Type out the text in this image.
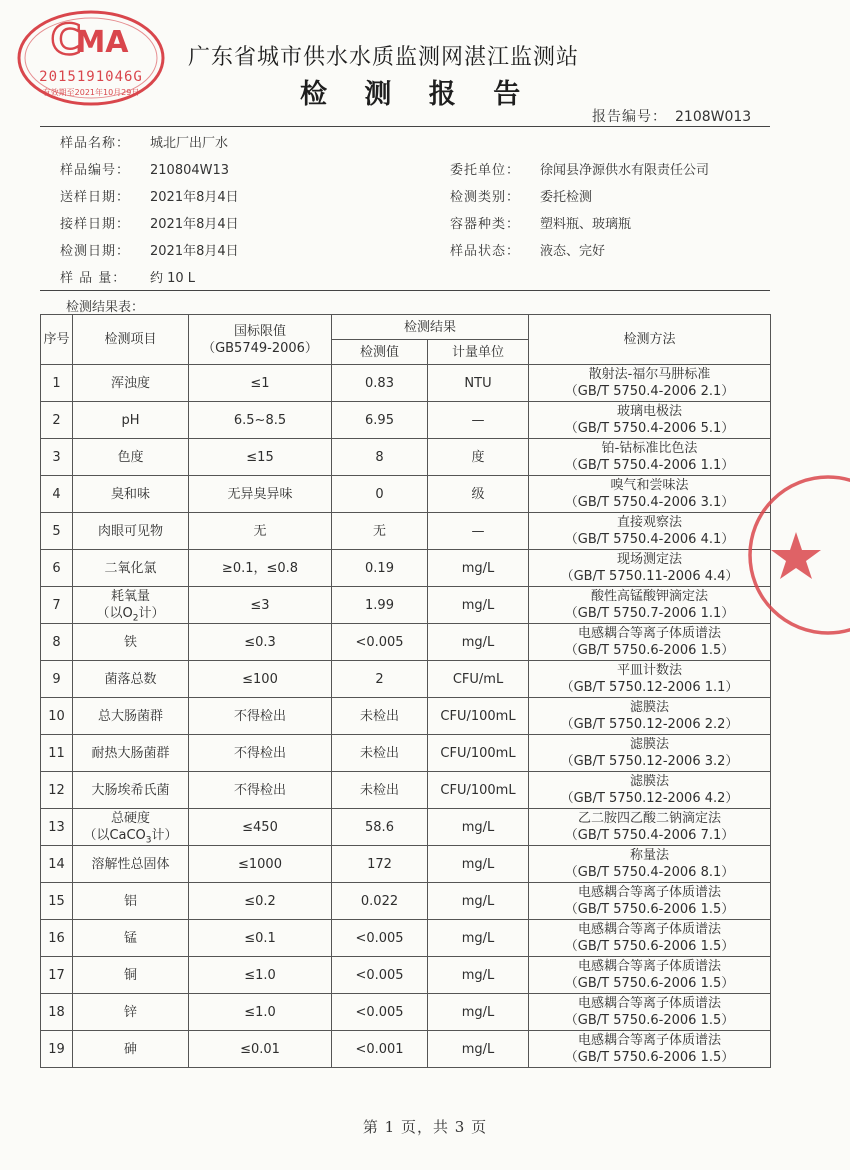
C
MA
201519104​6G
有效期至2021年10月29日
广东省城市供水水质监测网湛江监测站
检 测 报 告
报告编号： 2108W013
样品名称： 城北厂出厂水
样品编号： 210804W13
送样日期： 2021年8月4日
接样日期： 2021年8月4日
检测日期： 2021年8月4日
样 品 量： 约 10 L
委托单位： 徐闻县净源供水有限责任公司
检测类别： 委托检测
容器种类： 塑料瓶、玻璃瓶
样品状态： 液态、完好
检测结果表：
序号	检测项目	国标限值
（GB5749-2006）	检测结果		检测方法
			检测值	计量单位	
1	浑浊度	≤1	0.83	NTU	散射法-福尔马肼标准
（GB/T 5750.4-2006 2.1）

2	pH	6.5~8.5	6.95	—	玻璃电极法
（GB/T 5750.4-2006 5.1）

3	色度	≤15	8	度	铂-钴标准比色法
（GB/T 5750.4-2006 1.1）

4	臭和味	无异臭异味	0	级	嗅气和尝味法
（GB/T 5750.4-2006 3.1）

5	肉眼可见物	无	无	—	直接观察法
（GB/T 5750.4-2006 4.1）

6	二氧化氯	≥0.1，≤0.8	0.19	mg/L	现场测定法
（GB/T 5750.11-2006 4.4）

7	耗氧量
（以$O_2$计）	≤3	1.99	mg/L	酸性高锰酸钾滴定法
（GB/T 5750.7-2006 1.1）

8	铁	≤0.3	<0.005	mg/L	电感耦合等离子体质谱法
（GB/T 5750.6-2006 1.5）

9	菌落总数	≤100	2	CFU/mL	平皿计数法
（GB/T 5750.12-2006 1.1）

10	总大肠菌群	不得检出	未检出	CFU/100mL	滤膜法
（GB/T 5750.12-2006 2.2）

11	耐热大肠菌群	不得检出	未检出	CFU/100mL	滤膜法
（GB/T 5750.12-2006 3.2）

12	大肠埃希氏菌	不得检出	未检出	CFU/100mL	滤膜法
（GB/T 5750.12-2006 4.2）

13	总硬度
（以CaCO$_3$计）	≤450	58.6	mg/L	乙二胺四乙酸二钠滴定法
（GB/T 5750.4-2006 7.1）

14	溶解性总固体	≤1000	172	mg/L	称量法
（GB/T 5750.4-2006 8.1）

15	铝	≤0.2	0.022	mg/L	电感耦合等离子体质谱法
（GB/T 5750.6-2006 1.5）

16	锰	≤0.1	<0.005	mg/L	电感耦合等离子体质谱法
（GB/T 5750.6-2006 1.5）

17	铜	≤1.0	<0.005	mg/L	电感耦合等离子体质谱法
（GB/T 5750.6-2006 1.5）

18	锌	≤1.0	<0.005	mg/L	电感耦合等离子体质谱法
（GB/T 5750.6-2006 1.5）

19	砷	≤0.01	<0.001	mg/L	电感耦合等离子体质谱法
（GB/T 5750.6-2006 1.5）
第 1 页，共 3 页
